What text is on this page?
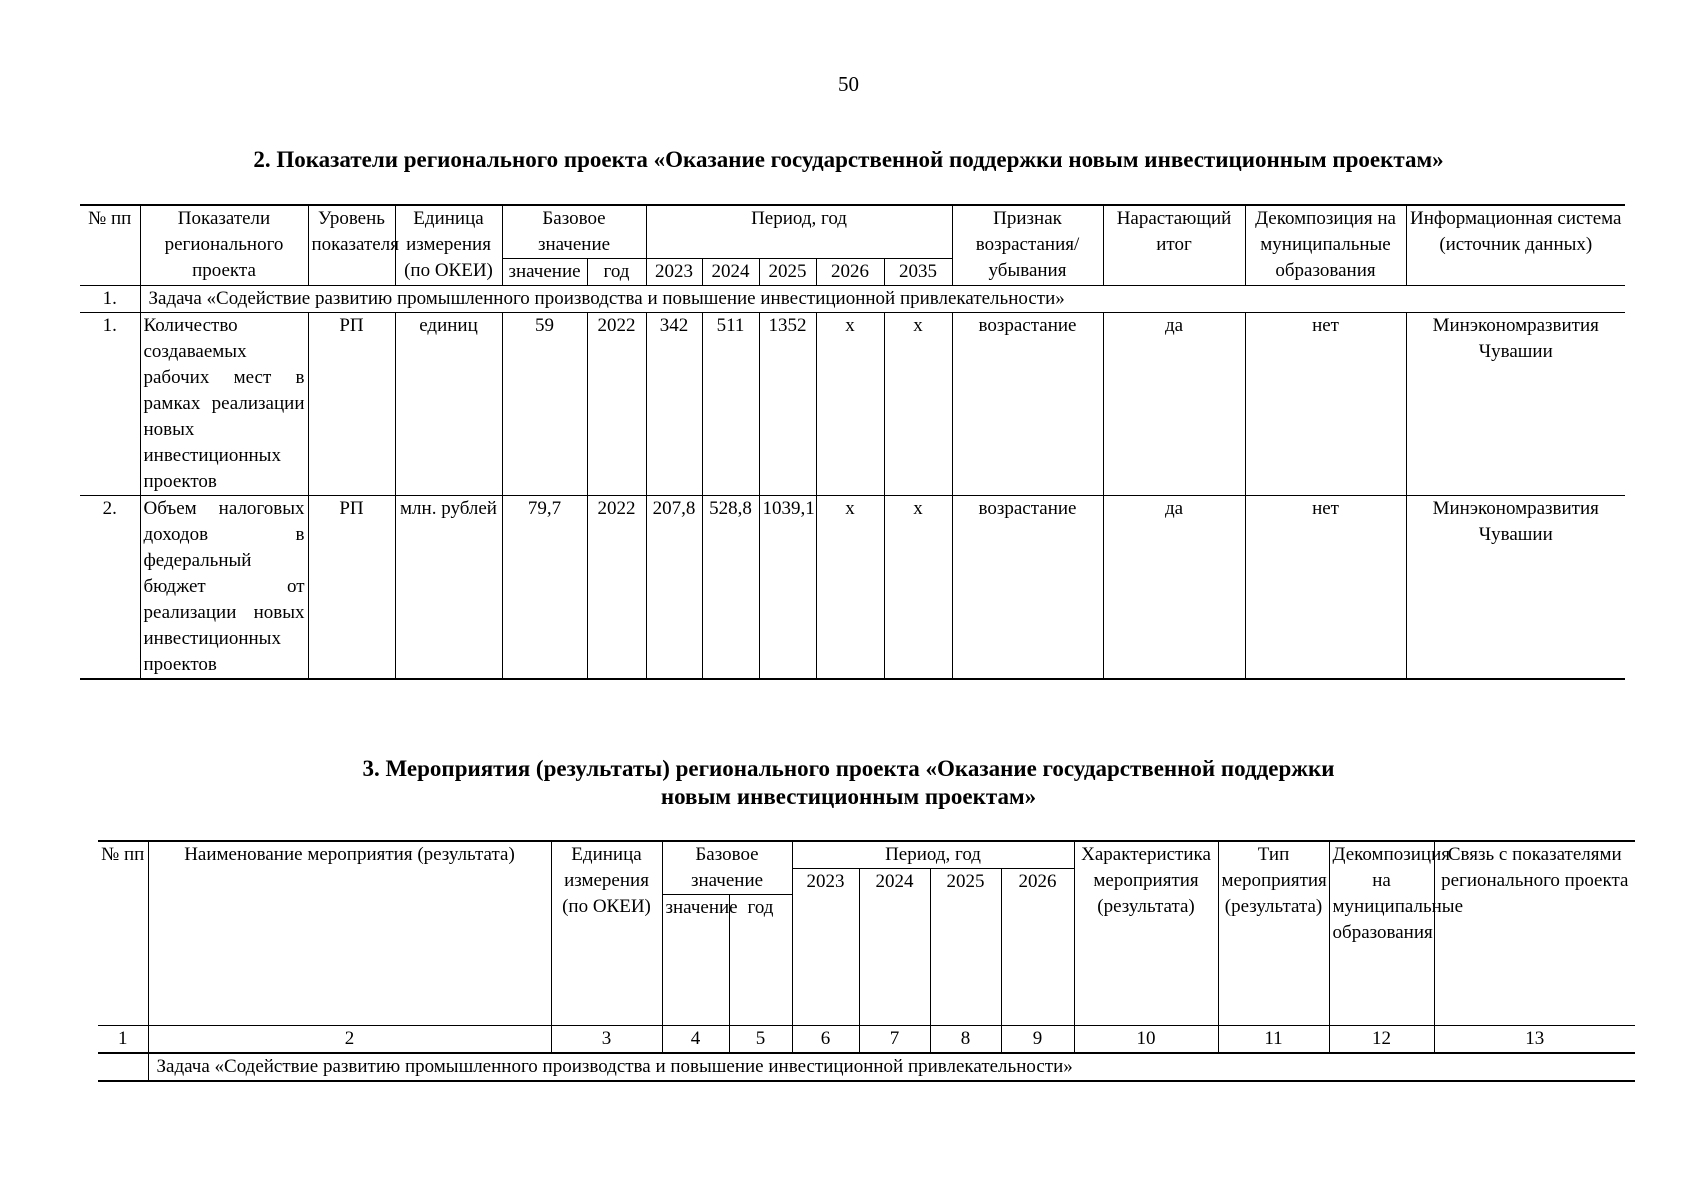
50
2. Показатели регионального проекта «Оказание государственной поддержки новым инвестиционным проектам»
№ пп	Показатели регионального проекта	Уровень показателя	Единица измерения (по ОКЕИ)	Базовое значение		Период, год					Признак возрастания/ убывания	Нарастающий итог	Декомпозиция на муниципальные образования	Информационная система (источник данных)
				значение	год	2023	2024	2025	2026	2035				
1.	Задача «Содействие развитию промышленного производства и повышение инвестиционной привлекательности»													
1.	Количество создаваемых рабочих мест в рамках реализации новых инвестиционных проектов	РП	единиц	59	2022	342	511	1352	х	х	возрастание	да	нет	Минэкономразвития Чувашии
2.	Объем налоговых доходов в федеральный бюджет от реализации новых инвестиционных проектов	РП	млн. рублей	79,7	2022	207,8	528,8	1039,1	х	х	возрастание	да	нет	Минэкономразвития Чувашии
3. Мероприятия (результаты) регионального проекта «Оказание государственной поддержки
новым инвестиционным проектам»
№ пп	Наименование мероприятия (результата)	Единица измерения (по ОКЕИ)	Базовое значение		Период, год				Характеристика мероприятия (результата)	Тип мероприятия (результата)	Декомпозиция на муниципальные образования	Связь с показателями регионального проекта
					2023	2024	2025	2026				
			значение	год								
1	2	3	4	5	6	7	8	9	10	11	12	13
	Задача «Содействие развитию промышленного производства и повышение инвестиционной привлекательности»											
